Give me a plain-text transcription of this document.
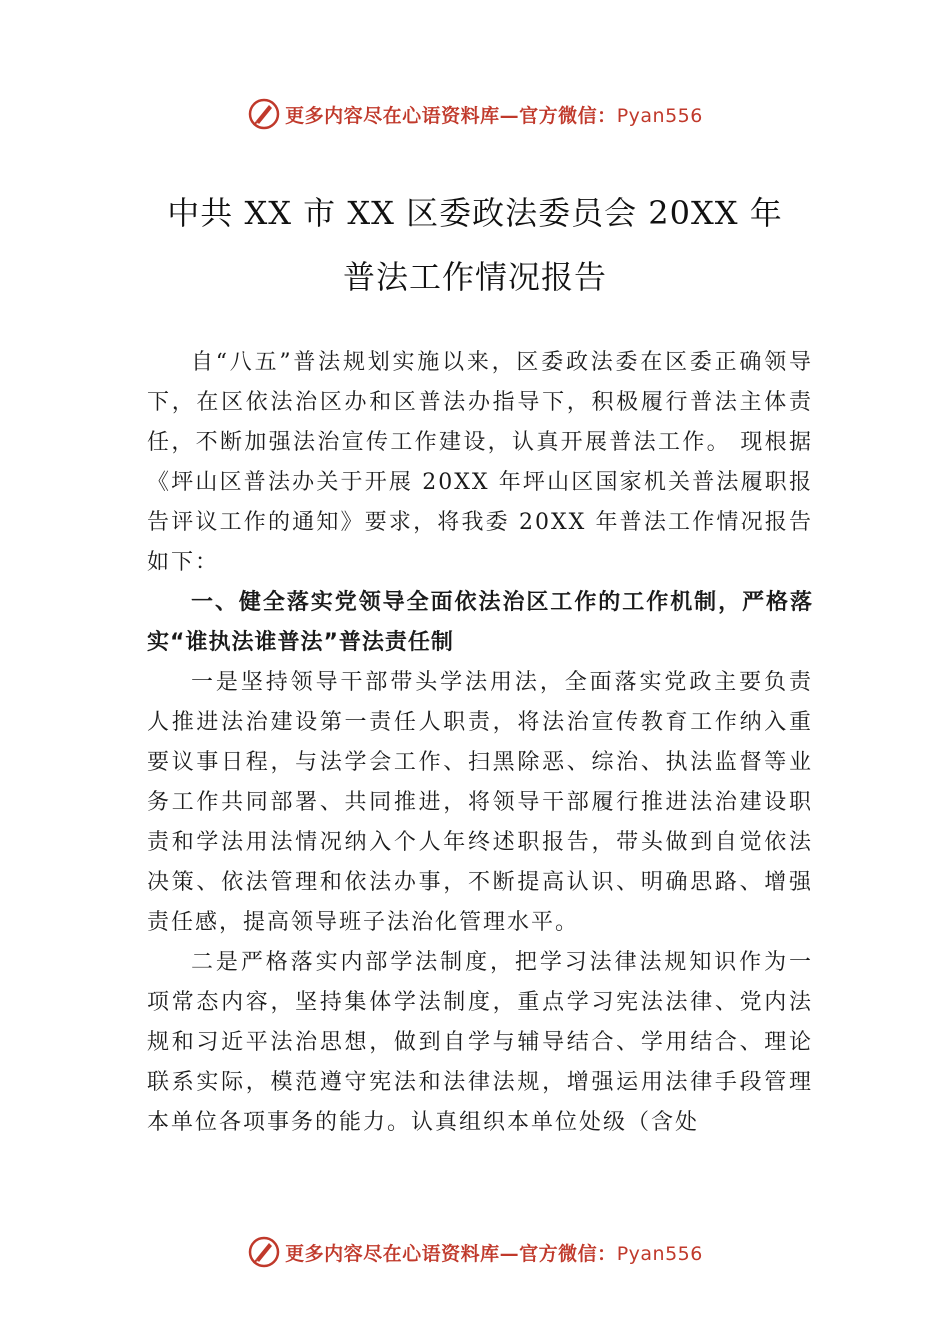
更多内容尽在心语资料库—官方微信：Pyan556
中共 XX 市 XX 区委政法委员会 20XX 年
普法工作情况报告

自“八五”普法规划实施以来，区委政法委在区委正确领导下，在区依法治区办和区普法办指导下，积极履行普法主体责任，不断加强法治宣传工作建设，认真开展普法工作。 现根据《坪山区普法办关于开展 20XX 年坪山区国家机关普法履职报告评议工作的通知》要求，将我委 20XX 年普法工作情况报告如下：

一、健全落实党领导全面依法治区工作的工作机制，严格落实“谁执法谁普法”普法责任制

一是坚持领导干部带头学法用法，全面落实党政主要负责人推进法治建设第一责任人职责，将法治宣传教育工作纳入重要议事日程，与法学会工作、扫黑除恶、综治、执法监督等业务工作共同部署、共同推进，将领导干部履行推进法治建设职责和学法用法情况纳入个人年终述职报告，带头做到自觉依法决策、依法管理和依法办事，不断提高认识、明确思路、增强责任感，提高领导班子法治化管理水平。

二是严格落实内部学法制度，把学习法律法规知识作为一项常态内容，坚持集体学法制度，重点学习宪法法律、党内法规和习近平法治思想，做到自学与辅导结合、学用结合、理论联系实际，模范遵守宪法和法律法规，增强运用法律手段管理本单位各项事务的能力。认真组织本单位处级（含处

更多内容尽在心语资料库—官方微信：Pyan556
